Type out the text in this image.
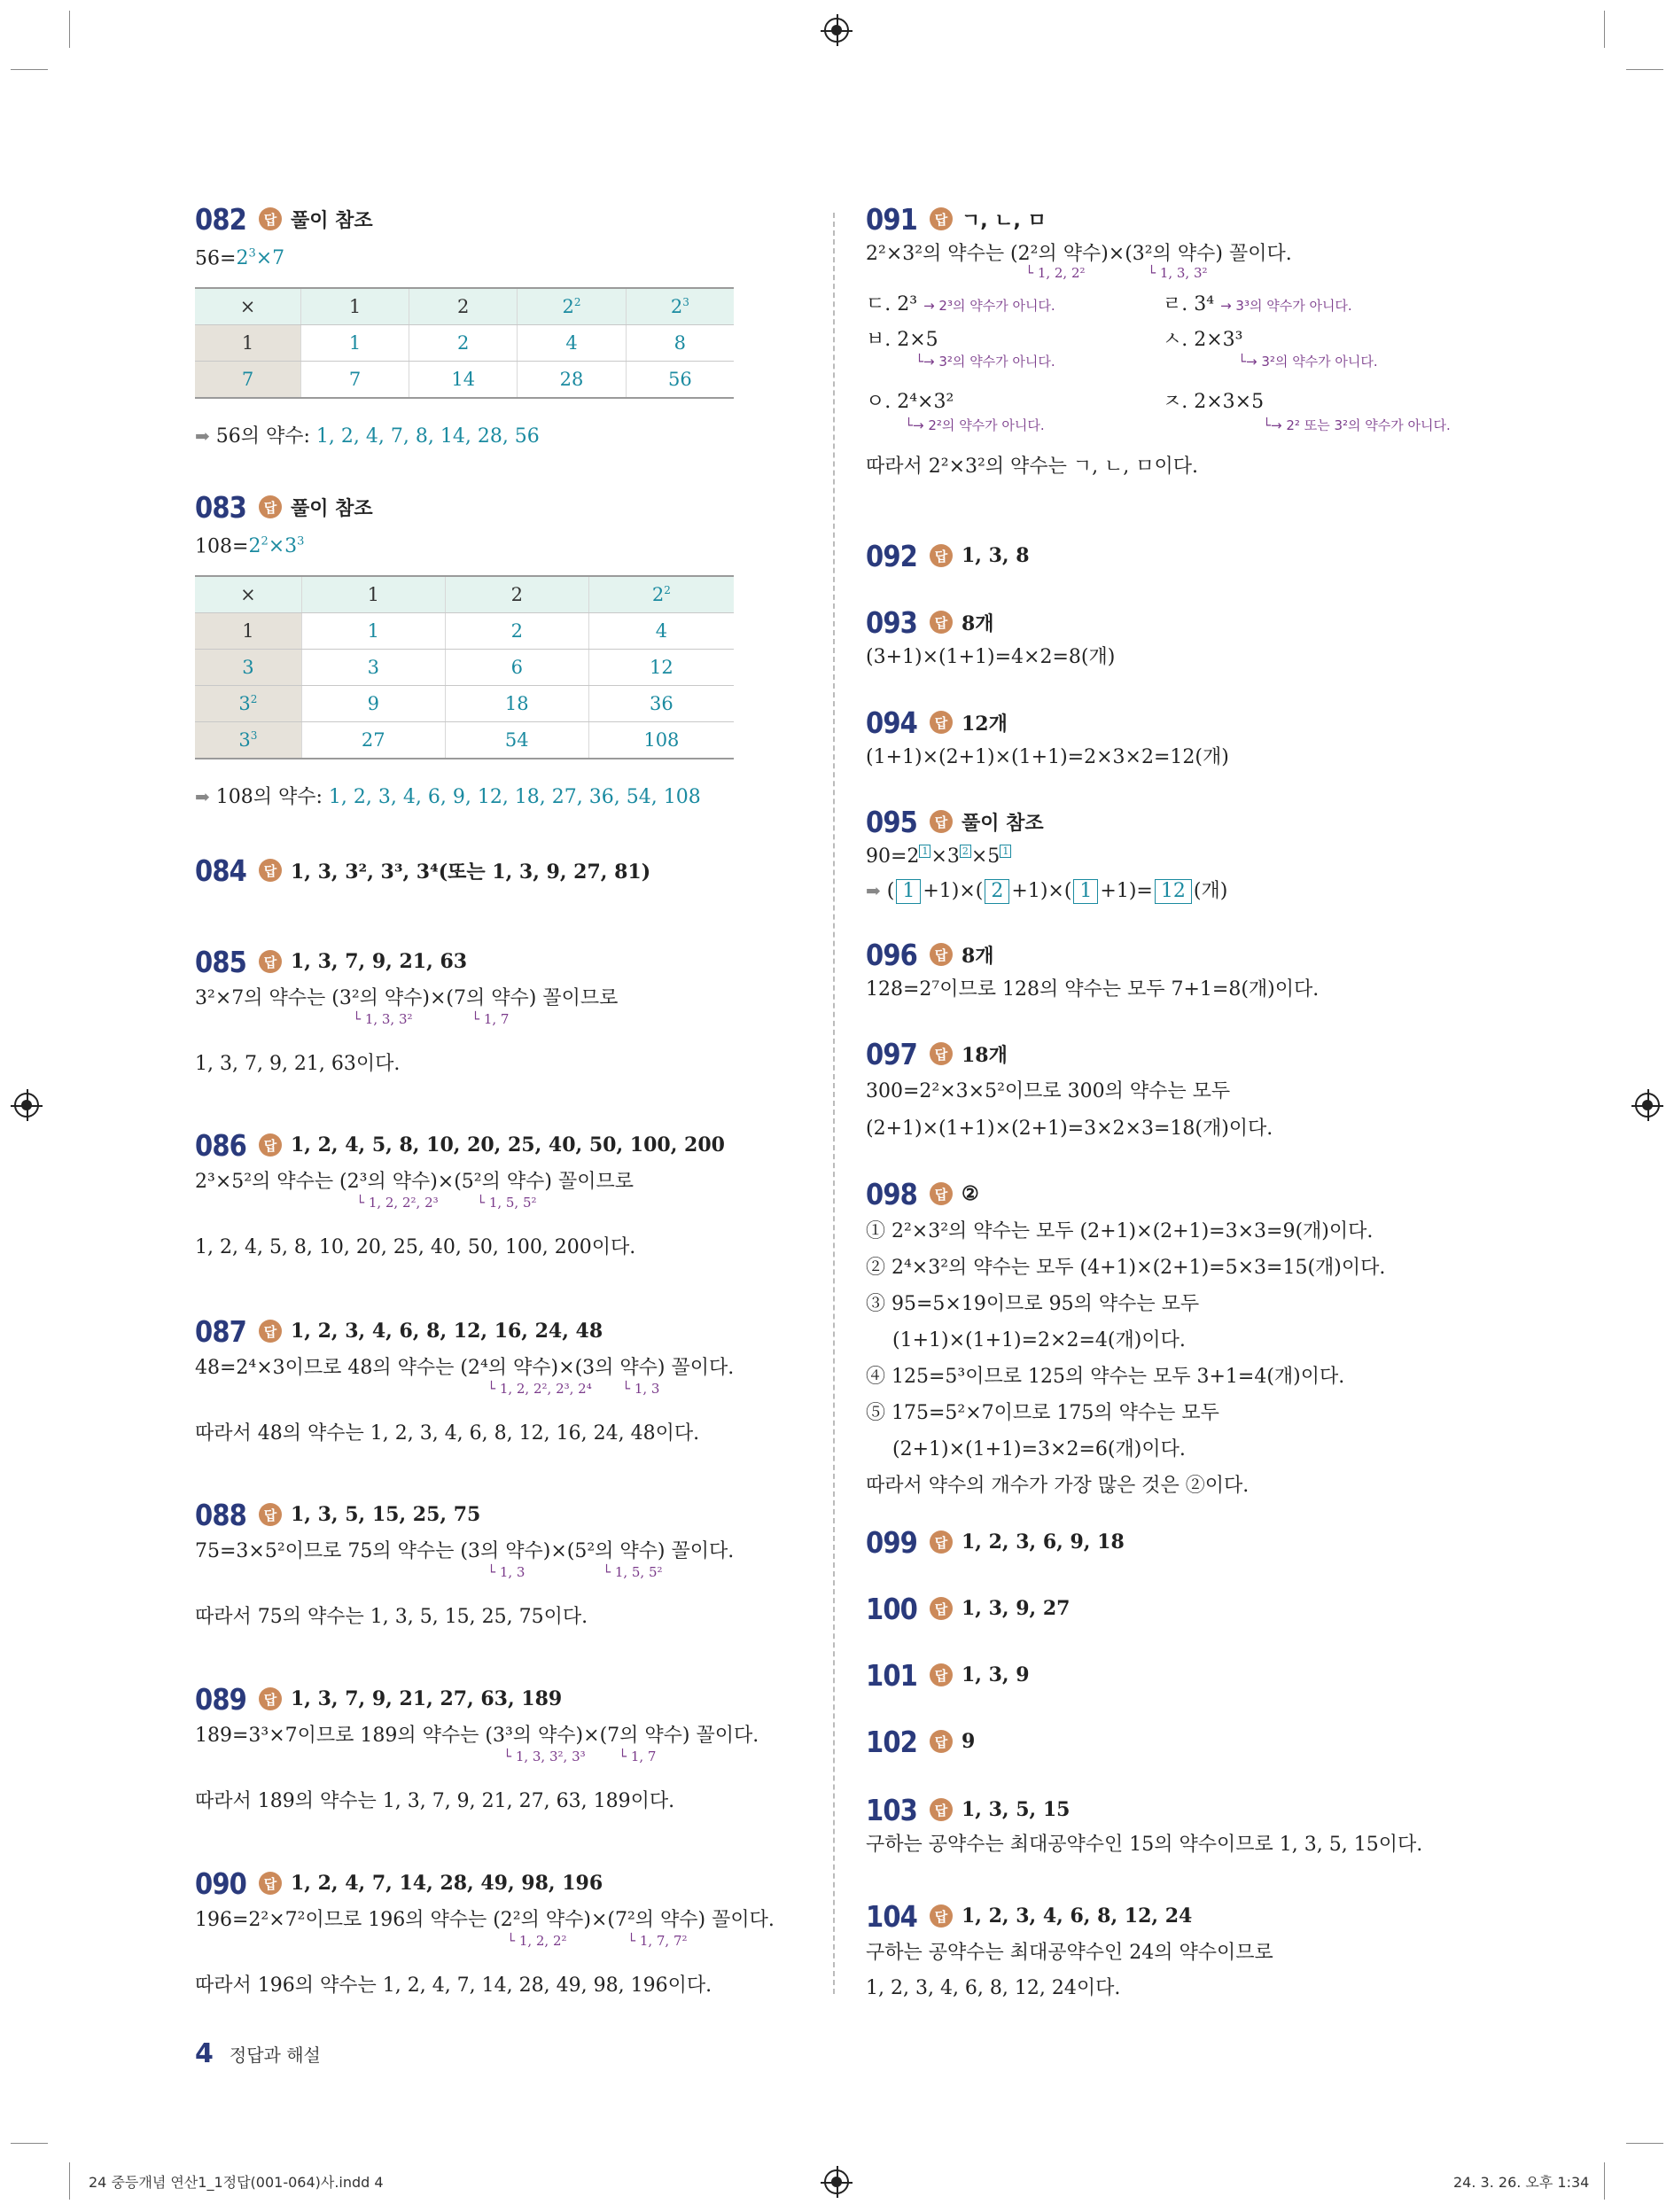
082	답 풀이 참조
$56=2^3\times 7$
×	1	2	$2^2$	$2^3$
1	1	2	4	8
7	7	14	28	56
➡ 56의 약수: 1, 2, 4, 7, 8, 14, 28, 56
083	답 풀이 참조
$108=2^2\times 3^3$
×	1	2	$2^2$
1	1	2	4
3	3	6	12
$3^2$	9	18	36
$3^3$	27	54	108
➡ 108의 약수: 1, 2, 3, 4, 6, 9, 12, 18, 27, 36, 54, 108
084	답 1, 3, 3², 3³, 3⁴(또는 1, 3, 9, 27, 81)
085	답 1, 3, 7, 9, 21, 63
3²×7의 약수는 (3²의 약수)×(7의 약수) 꼴이므로
└ 1, 3, 3²	└ 1, 7
1, 3, 7, 9, 21, 63이다.
086	답 1, 2, 4, 5, 8, 10, 20, 25, 40, 50, 100, 200
2³×5²의 약수는 (2³의 약수)×(5²의 약수) 꼴이므로
└ 1, 2, 2², 2³	└ 1, 5, 5²
1, 2, 4, 5, 8, 10, 20, 25, 40, 50, 100, 200이다.
087	답 1, 2, 3, 4, 6, 8, 12, 16, 24, 48
48=2⁴×3이므로 48의 약수는 (2⁴의 약수)×(3의 약수) 꼴이다.
└ 1, 2, 2², 2³, 2⁴ └ 1, 3
따라서 48의 약수는 1, 2, 3, 4, 6, 8, 12, 16, 24, 48이다.
088	답 1, 3, 5, 15, 25, 75
75=3×5²이므로 75의 약수는 (3의 약수)×(5²의 약수) 꼴이다.
└ 1, 3	└ 1, 5, 5²
따라서 75의 약수는 1, 3, 5, 15, 25, 75이다.
089	답 1, 3, 7, 9, 21, 27, 63, 189
189=3³×7이므로 189의 약수는 (3³의 약수)×(7의 약수) 꼴이다.
└ 1, 3, 3², 3³ └ 1, 7
따라서 189의 약수는 1, 3, 7, 9, 21, 27, 63, 189이다.
090	답 1, 2, 4, 7, 14, 28, 49, 98, 196
196=2²×7²이므로 196의 약수는 (2²의 약수)×(7²의 약수) 꼴이다.
└ 1, 2, 2²	└ 1, 7, 7²
따라서 196의 약수는 1, 2, 4, 7, 14, 28, 49, 98, 196이다.
091	답 ㄱ, ㄴ, ㅁ
2²×3²의 약수는 (2²의 약수)×(3²의 약수) 꼴이다.
└ 1, 2, 2²	└ 1, 3, 3²
ㄷ. 2³ → 2³의 약수가 아니다.	ㄹ. 3⁴ → 3³의 약수가 아니다.
ㅂ. 2×5
└→ 3²의 약수가 아니다.
ㅅ. 2×3³
└→ 3²의 약수가 아니다.
ㅇ. 2⁴×3²
└→ 2²의 약수가 아니다.
ㅈ. 2×3×5
└→ 2² 또는 3²의 약수가 아니다.
따라서 2²×3²의 약수는 ㄱ, ㄴ, ㅁ이다.
092	답 1, 3, 8
093	답 8개
(3+1)×(1+1)=4×2=8(개)
094	답 12개
(1+1)×(2+1)×(1+1)=2×3×2=12(개)
095	답 풀이 참조
90=2 1 ×3 2 ×5 1
➡ ( 1 +1)×( 2 +1)×( 1 +1)= 12 (개)
096	답 8개
128=2⁷이므로 128의 약수는 모두 7+1=8(개)이다.
097	답 18개
300=2²×3×5²이므로 300의 약수는 모두
(2+1)×(1+1)×(2+1)=3×2×3=18(개)이다.
098	답 ②
① 2²×3²의 약수는 모두 (2+1)×(2+1)=3×3=9(개)이다.
② 2⁴×3²의 약수는 모두 (4+1)×(2+1)=5×3=15(개)이다.
③ 95=5×19이므로 95의 약수는 모두
(1+1)×(1+1)=2×2=4(개)이다.
④ 125=5³이므로 125의 약수는 모두 3+1=4(개)이다.
⑤ 175=5²×7이므로 175의 약수는 모두
(2+1)×(1+1)=3×2=6(개)이다.
따라서 약수의 개수가 가장 많은 것은 ②이다.
099	답 1, 2, 3, 6, 9, 18
100	답 1, 3, 9, 27
101	답 1, 3, 9
102	답 9
103	답 1, 3, 5, 15
구하는 공약수는 최대공약수인 15의 약수이므로 1, 3, 5, 15이다.
104	답 1, 2, 3, 4, 6, 8, 12, 24
구하는 공약수는 최대공약수인 24의 약수이므로
1, 2, 3, 4, 6, 8, 12, 24이다.
4 정답과 해설
24 중등개념 연산1_1정답(001-064)사.indd 4	24. 3. 26. 오후 1:34
